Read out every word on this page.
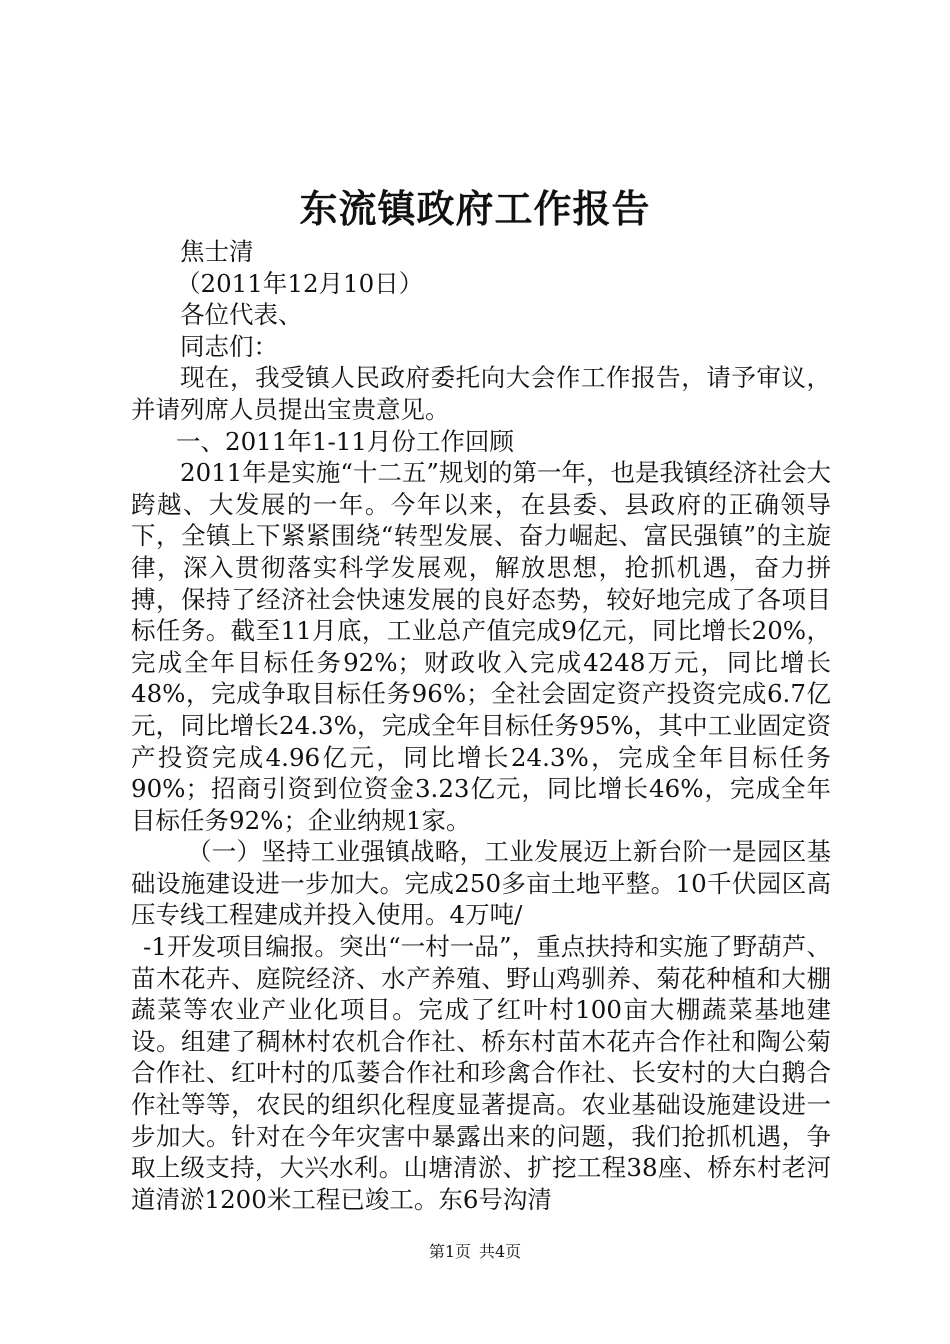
东流镇政府工作报告

焦士清

（2011年12月10日）

各位代表、

同志们：

现在，我受镇人民政府委托向大会作工作报告，请予审议，并请列席人员提出宝贵意见。

一、2011年1-11月份工作回顾

2011年是实施“十二五”规划的第一年，也是我镇经济社会大跨越、大发展的一年。今年以来，在县委、县政府的正确领导下，全镇上下紧紧围绕“转型发展、奋力崛起、富民强镇”的主旋律，深入贯彻落实科学发展观，解放思想，抢抓机遇，奋力拼搏，保持了经济社会快速发展的良好态势，较好地完成了各项目标任务。截至11月底，工业总产值完成9亿元，同比增长20%，完成全年目标任务92%；财政收入完成4248万元，同比增长48%，完成争取目标任务96%；全社会固定资产投资完成6.7亿元，同比增长24.3%，完成全年目标任务95%，其中工业固定资产投资完成4.96亿元，同比增长24.3%，完成全年目标任务90%；招商引资到位资金3.23亿元，同比增长46%，完成全年目标任务92%；企业纳规1家。

（一）坚持工业强镇战略，工业发展迈上新台阶一是园区基础设施建设进一步加大。完成250多亩土地平整。10千伏园区高压专线工程建成并投入使用。4万吨/

-1开发项目编报。突出“一村一品”，重点扶持和实施了野葫芦、苗木花卉、庭院经济、水产养殖、野山鸡驯养、菊花种植和大棚蔬菜等农业产业化项目。完成了红叶村100亩大棚蔬菜基地建设。组建了稠林村农机合作社、桥东村苗木花卉合作社和陶公菊合作社、红叶村的瓜蒌合作社和珍禽合作社、长安村的大白鹅合作社等等，农民的组织化程度显著提高。农业基础设施建设进一步加大。针对在今年灾害中暴露出来的问题，我们抢抓机遇，争取上级支持，大兴水利。山塘清淤、扩挖工程38座、桥东村老河道清淤1200米工程已竣工。东6号沟清

第1页 共4页
